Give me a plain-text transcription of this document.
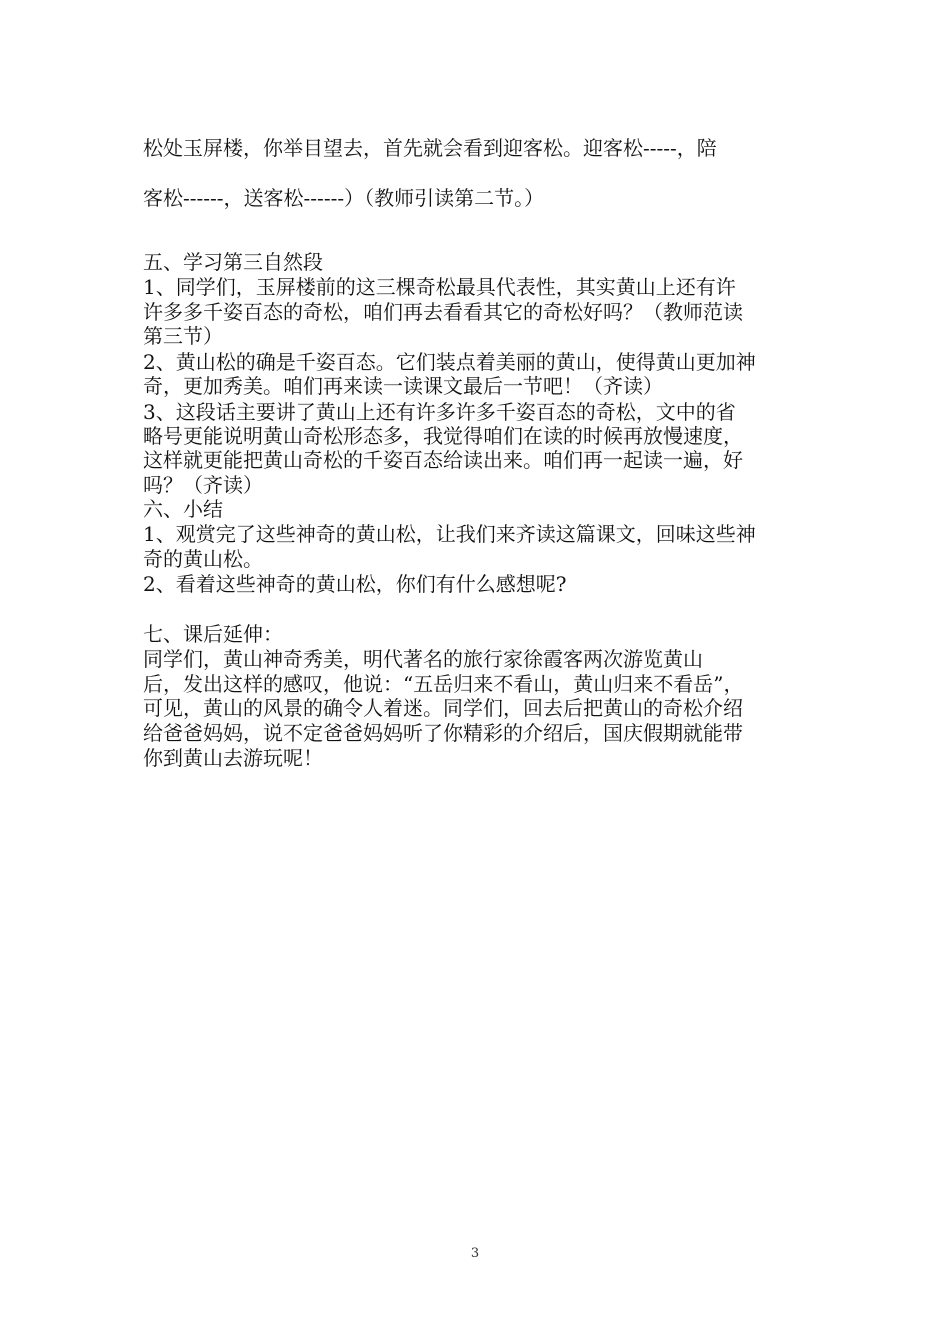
松处玉屏楼，你举目望去，首先就会看到迎客松。迎客松-----，陪
客松------，送客松------）（教师引读第二节。）
五、学习第三自然段
1、同学们，玉屏楼前的这三棵奇松最具代表性，其实黄山上还有许
许多多千姿百态的奇松，咱们再去看看其它的奇松好吗？（教师范读
第三节）
2、黄山松的确是千姿百态。它们装点着美丽的黄山，使得黄山更加神
奇，更加秀美。咱们再来读一读课文最后一节吧！（齐读）
3、这段话主要讲了黄山上还有许多许多千姿百态的奇松，文中的省
略号更能说明黄山奇松形态多，我觉得咱们在读的时候再放慢速度，
这样就更能把黄山奇松的千姿百态给读出来。咱们再一起读一遍，好
吗？（齐读）
六、小结
1、观赏完了这些神奇的黄山松，让我们来齐读这篇课文，回味这些神
奇的黄山松。
2、看着这些神奇的黄山松，你们有什么感想呢?
七、课后延伸：
同学们，黄山神奇秀美，明代著名的旅行家徐霞客两次游览黄山
后，发出这样的感叹，他说：“五岳归来不看山，黄山归来不看岳”，
可见，黄山的风景的确令人着迷。同学们，回去后把黄山的奇松介绍
给爸爸妈妈，说不定爸爸妈妈听了你精彩的介绍后，国庆假期就能带
你到黄山去游玩呢！
3
